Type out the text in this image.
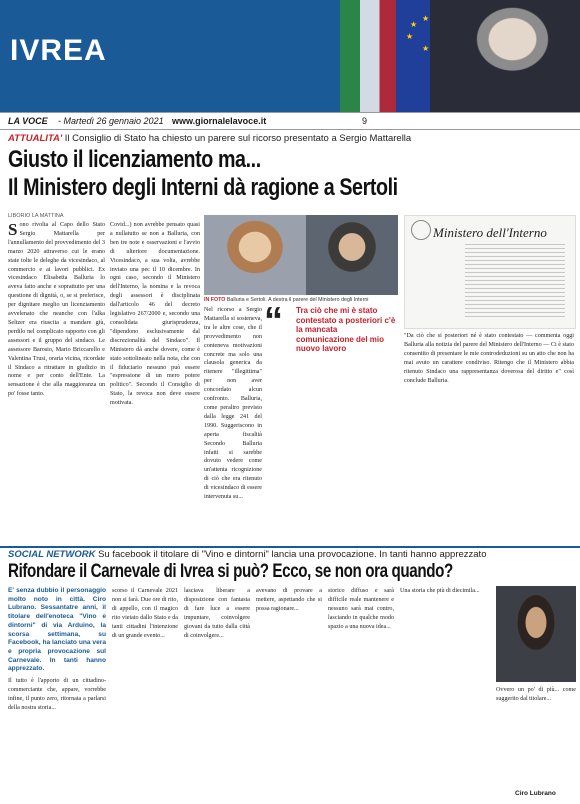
★
★
★
★
IVREA
LA VOCE - Martedì 26 gennaio 2021 www.giornalelavoce.it	9
ATTUALITA' Il Consiglio di Stato ha chiesto un parere sul ricorso presentato a Sergio Mattarella
Giusto il licenziamento ma...
Il Ministero degli Interni dà ragione a Sertoli
LIBORIO LA MATTINA
Sono rivolta al Capo dello Stato Sergio Mattarella per l'annullamento del provvedimento del 3 marzo 2020 attraverso cui le erano state tolte le deleghe da vicesindaco, al commercio e ai lavori pubblici. Ex vicesindaco Elisabetta Balluria lo aveva fatto anche e soprattutto per una questione di dignità, o, se si preferisce, per dignitare meglio un licenziamento avvelenato che neanche con l'alka Seltzer era riuscita a mandare giù, perdilo nel complicato rapporto con gli assessori e il gruppo del sindaco. Le assessore Barosio, Mario Briccarello e Valentina Trusi, oraria vicina, ricordate il Sindaco a ritrattare in giudizio in nome e per conto dell'Ente. La sensazione è che alla maggioranza un po' fosse tanto.
Covid...) non avrebbe pensato quasi a nullatutto se non a Balluria, con ben tre note e osservazioni e l'avvio di ulteriore documentazione. Vicesindaco, a sua volta, avrebbe inviato una pec il 10 dicembre. In ogni caso, secondo il Ministero dell'Interno, la nomina e la revoca degli assessori è disciplinata dall'articolo 46 del decreto legislativo 267/2000 e, secondo una consolidata giurisprudenza, "dipendono esclusivamente dal discrezionalità del Sindaco". Il Ministero dà anche dovere, come è stato sottolineato nella nota, che con il fiduciario nessuno può essere "espressione di un mero potere politico". Secondo il Consiglio di Stato, la revoca non deve essere motivata.
IN FOTO Balluria e Sertoli. A destra il parere del Ministero degli Interni
Ministero dell'Interno
Nel ricorso a Sergio Mattarella si sosteneva, tra le altre cose, che il provvedimento non conteneva motivazioni concrete ma solo una clausola generica da ritenere "illegittima" per non aver concordato alcun confronto. Balluria, come peraltro previsto dalla legge 241 del 1990. Suggeriscono in aperta fiscalità Secondo Balluria infatti si sarebbe dovuto vedere come un'attenta ricognizione di ciò che era ritenuto di vicesindaco di essere intervenuta su...
“ Tra ciò che mi è stato contestato a posteriori c'è la mancata comunicazione del mio nuovo lavoro
"Da ciò che si posteriori né è stato contestato — commenta oggi Balluria alla notizia del parere del Ministero dell'Interno — Ci è stato consentito di presentare le mie controdeduzioni su un atto che non ha mai avuto un carattere condiviso. Ritengo che il Ministero abbia ritenuto Sindaco una rappresentanza doverosa del diritto e" così conclude Balluria.
SOCIAL NETWORK Su facebook il titolare di "Vino e dintorni" lancia una provocazione. In tanti hanno apprezzato
Rifondare il Carnevale di Ivrea si può? Ecco, se non ora quando?
E' senza dubbio il personaggio molto noto in città. Ciro Lubrano. Sessantatre anni, il titolare dell'enoteca "Vino e dintorni" di via Arduino, la scorsa settimana, su Facebook, ha lanciato una vera e propria provocazione sul Carnevale. In tanti hanno apprezzato.
Il tutto è l'apporto di un cittadino-commerciante che, appare, vorrebbe infine, il punto zero, ritornata a parlarsi della nostra storia...
scorso il Carnevale 2021 non si farà. Due ore di rito, di appello, con il magico rito vietato dallo Stato e da tanti cittadini l'intenzione di un grande evento...
lasciava liberare a disposizione con fantasia di fare luce a essere impuntare, coinvolgere giovani da tutto dalla città di coinvolgere...
avevano di provare a mettere, aspettando che si possa ragionare...
storico diffuso e sarà difficile reale mantenere e nessuno sarà mai contro, lasciando in qualche modo spazio a una nuova idea...
Una storia che più di diecimila...
Ovvero un po' di più... come suggerito dal titolare...
Ciro Lubrano
